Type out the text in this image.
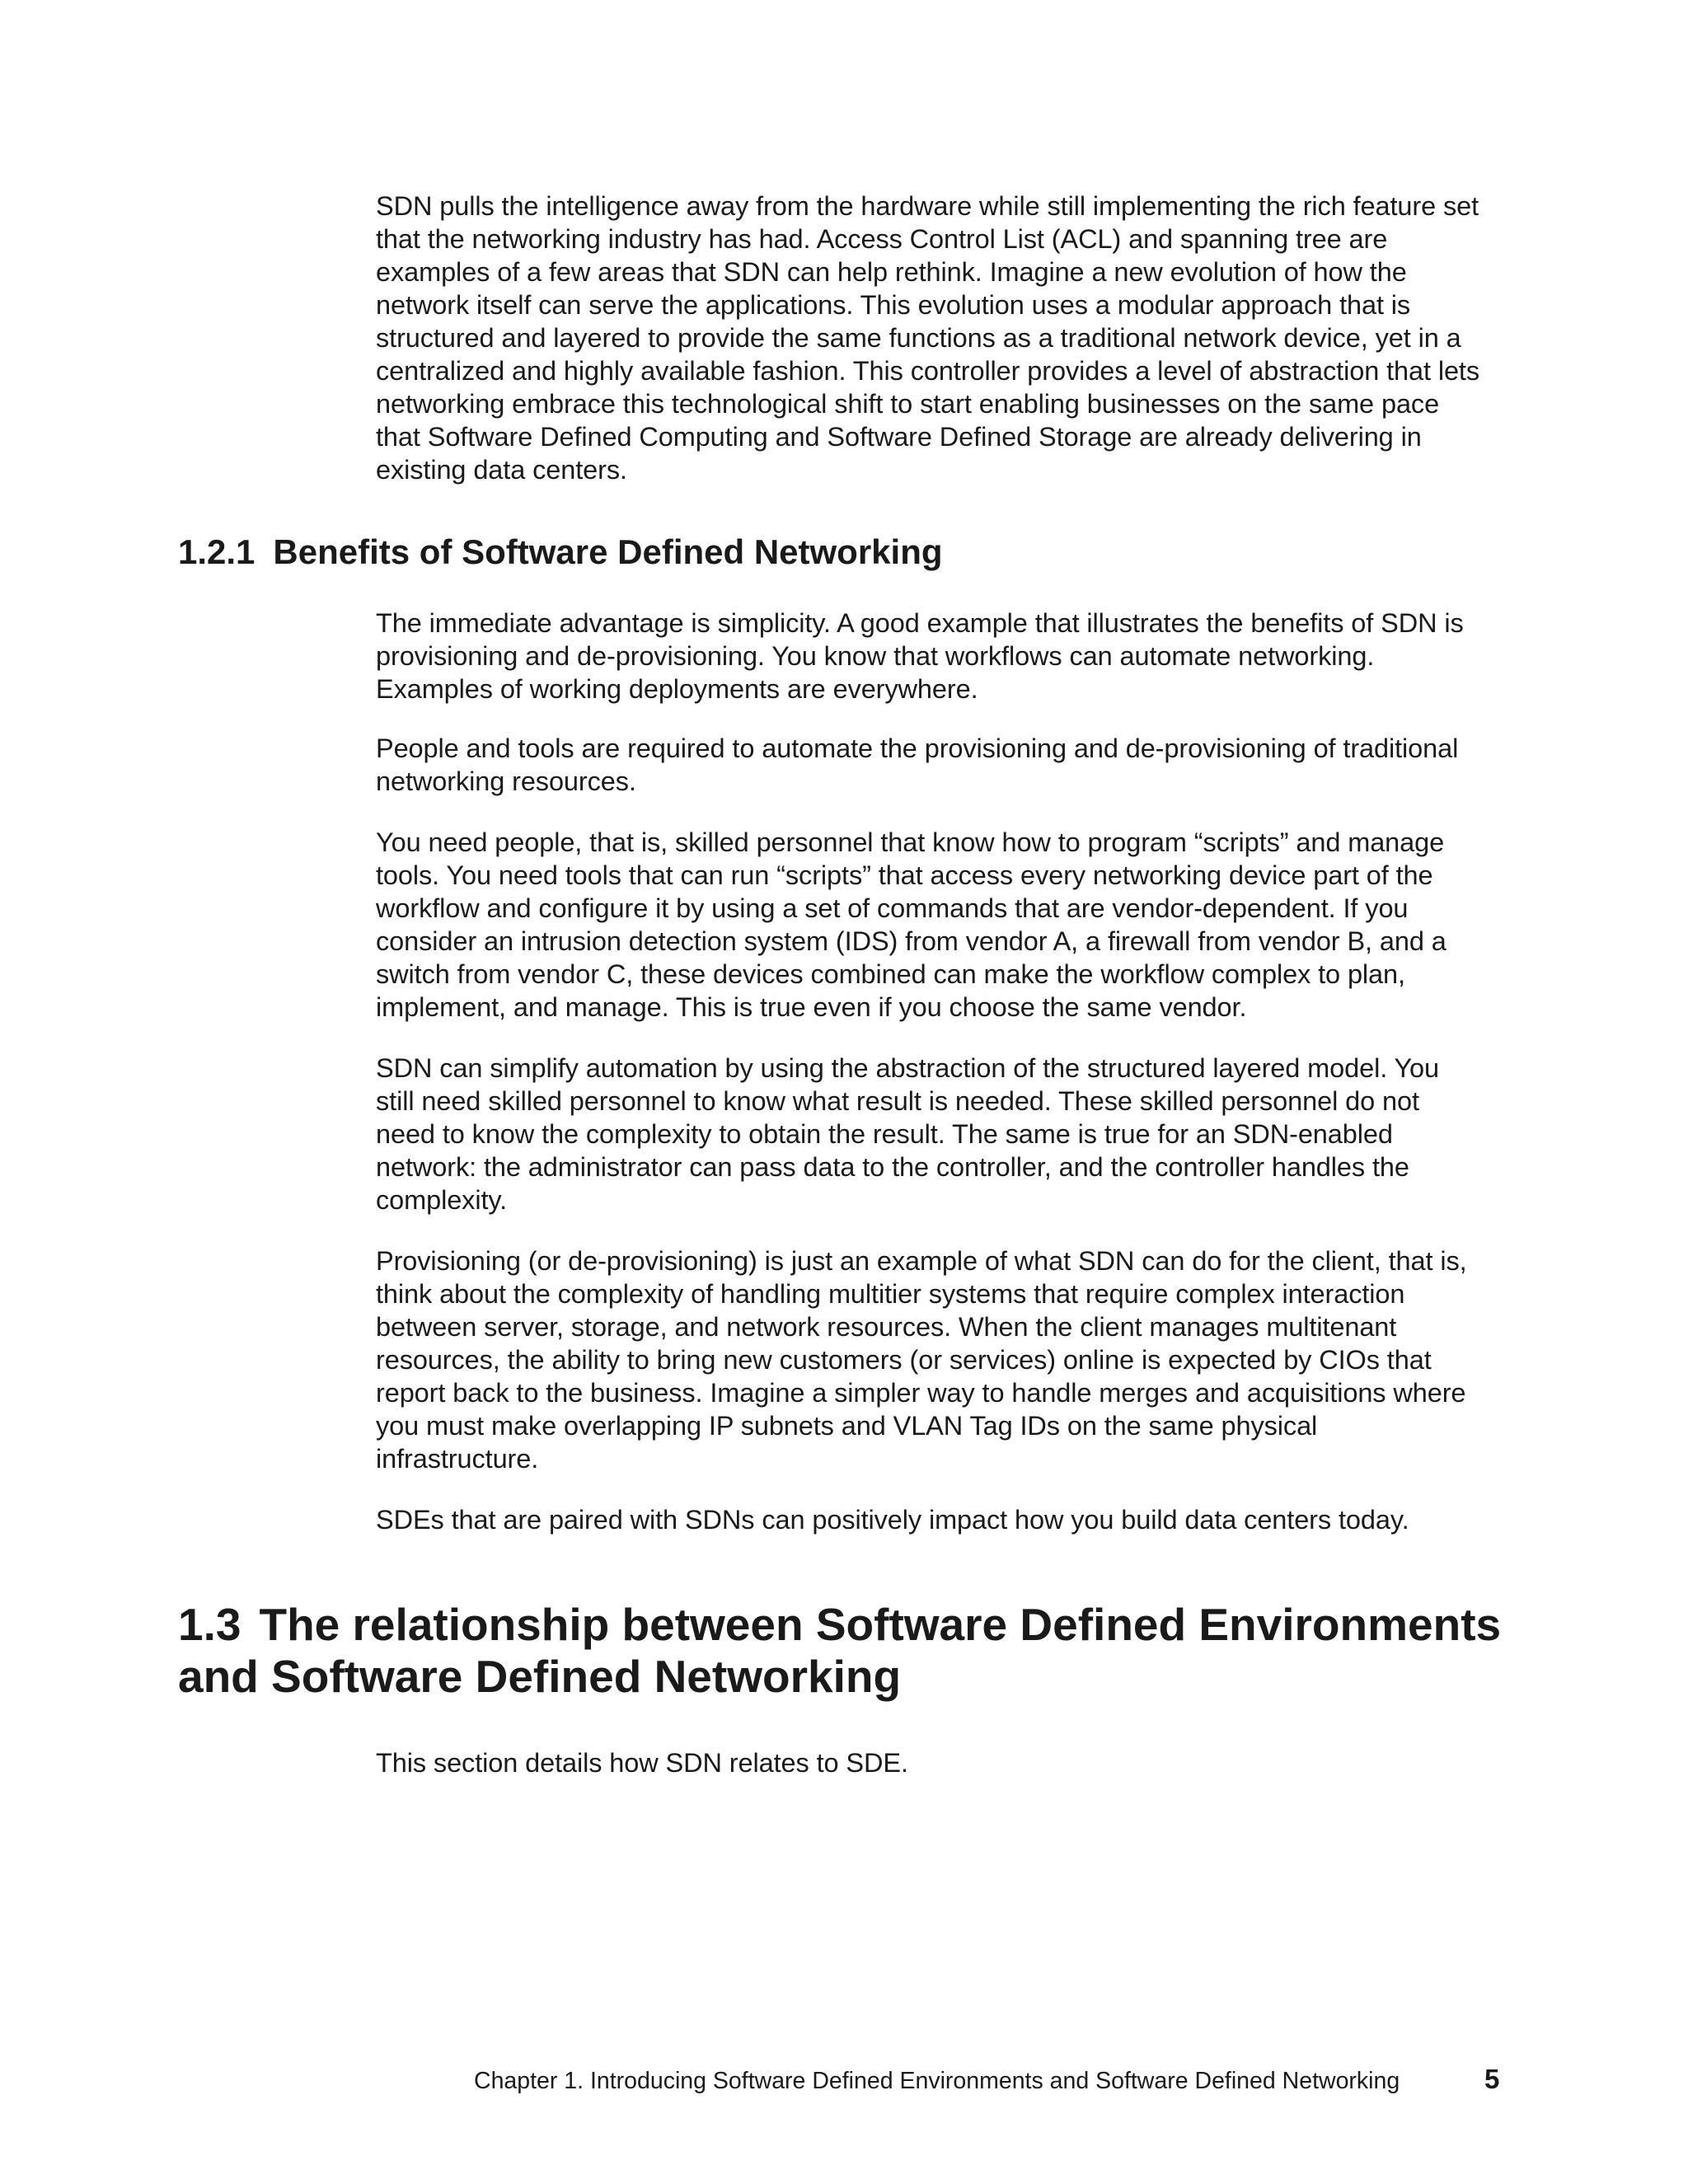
SDN pulls the intelligence away from the hardware while still implementing the rich feature set
that the networking industry has had. Access Control List (ACL) and spanning tree are
examples of a few areas that SDN can help rethink. Imagine a new evolution of how the
network itself can serve the applications. This evolution uses a modular approach that is
structured and layered to provide the same functions as a traditional network device, yet in a
centralized and highly available fashion. This controller provides a level of abstraction that lets
networking embrace this technological shift to start enabling businesses on the same pace
that Software Defined Computing and Software Defined Storage are already delivering in
existing data centers.

1.2.1 Benefits of Software Defined Networking

The immediate advantage is simplicity. A good example that illustrates the benefits of SDN is
provisioning and de-provisioning. You know that workflows can automate networking.
Examples of working deployments are everywhere.

People and tools are required to automate the provisioning and de-provisioning of traditional
networking resources.

You need people, that is, skilled personnel that know how to program “scripts” and manage
tools. You need tools that can run “scripts” that access every networking device part of the
workflow and configure it by using a set of commands that are vendor-dependent. If you
consider an intrusion detection system (IDS) from vendor A, a firewall from vendor B, and a
switch from vendor C, these devices combined can make the workflow complex to plan,
implement, and manage. This is true even if you choose the same vendor.

SDN can simplify automation by using the abstraction of the structured layered model. You
still need skilled personnel to know what result is needed. These skilled personnel do not
need to know the complexity to obtain the result. The same is true for an SDN-enabled
network: the administrator can pass data to the controller, and the controller handles the
complexity.

Provisioning (or de-provisioning) is just an example of what SDN can do for the client, that is,
think about the complexity of handling multitier systems that require complex interaction
between server, storage, and network resources. When the client manages multitenant
resources, the ability to bring new customers (or services) online is expected by CIOs that
report back to the business. Imagine a simpler way to handle merges and acquisitions where
you must make overlapping IP subnets and VLAN Tag IDs on the same physical
infrastructure.

SDEs that are paired with SDNs can positively impact how you build data centers today.

1.3 The relationship between Software Defined Environments
and Software Defined Networking

This section details how SDN relates to SDE.

Chapter 1. Introducing Software Defined Environments and Software Defined Networking	5
